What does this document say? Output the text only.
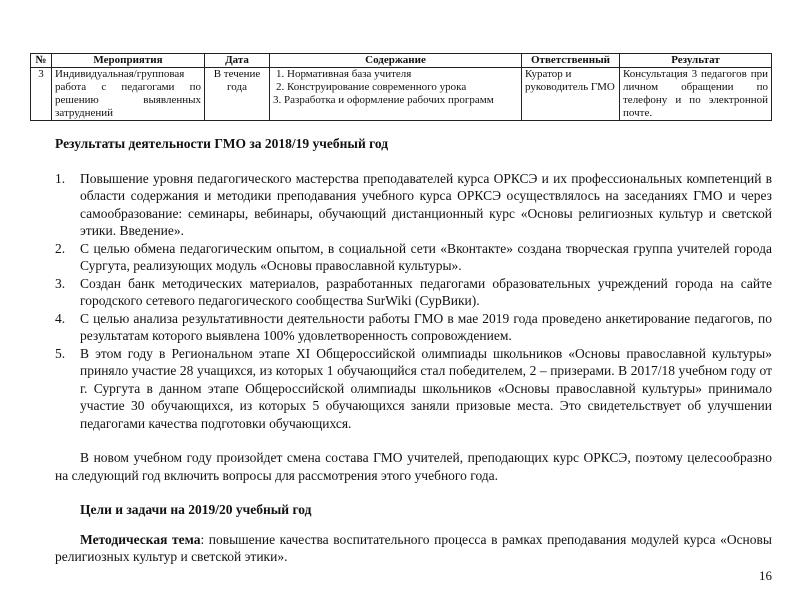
№	Мероприятия	Дата	Содержание	Ответственный	Результат
3	Индивидуальная/групповая работа с педагогами по решению выявленных затруднений	В течение года	1. Нормативная база учителя
2. Конструирование современного урока
3. Разработка и оформление рабочих программ	Куратор и руководитель ГМО	Консультация 3 педагогов при личном обращении по телефону и по электронной почте.
Результаты деятельности ГМО за 2018/19 учебный год
1. Повышение уровня педагогического мастерства преподавателей курса ОРКСЭ и их профессиональных компетенций в области содержания и методики преподавания учебного курса ОРКСЭ осуществлялось на заседаниях ГМО и через самообразование: семинары, вебинары, обучающий дистанционный курс «Основы религиозных культур и светской этики. Введение».
2. С целью обмена педагогическим опытом, в социальной сети «Вконтакте» создана творческая группа учителей города Сургута, реализующих модуль «Основы православной культуры».
3. Создан банк методических материалов, разработанных педагогами образовательных учреждений города на сайте городского сетевого педагогического сообщества SurWiki (СурВики).
4. С целью анализа результативности деятельности работы ГМО в мае 2019 года проведено анкетирование педагогов, по результатам которого выявлена 100% удовлетворенность сопровождением.
5. В этом году в Региональном этапе XI Общероссийской олимпиады школьников «Основы православной культуры» приняло участие 28 учащихся, из которых 1 обучающийся стал победителем, 2 – призерами. В 2017/18 учебном году от г. Сургута в данном этапе Общероссийской олимпиады школьников «Основы православной культуры» принимало участие 30 обучающихся, из которых 5 обучающихся заняли призовые места. Это свидетельствует об улучшении педагогами качества подготовки обучающихся.

В новом учебном году произойдет смена состава ГМО учителей, преподающих курс ОРКСЭ, поэтому целесообразно на следующий год включить вопросы для рассмотрения этого учебного года.

Цели и задачи на 2019/20 учебный год

Методическая тема: повышение качества воспитательного процесса в рамках преподавания модулей курса «Основы религиозных культур и светской этики».

16
